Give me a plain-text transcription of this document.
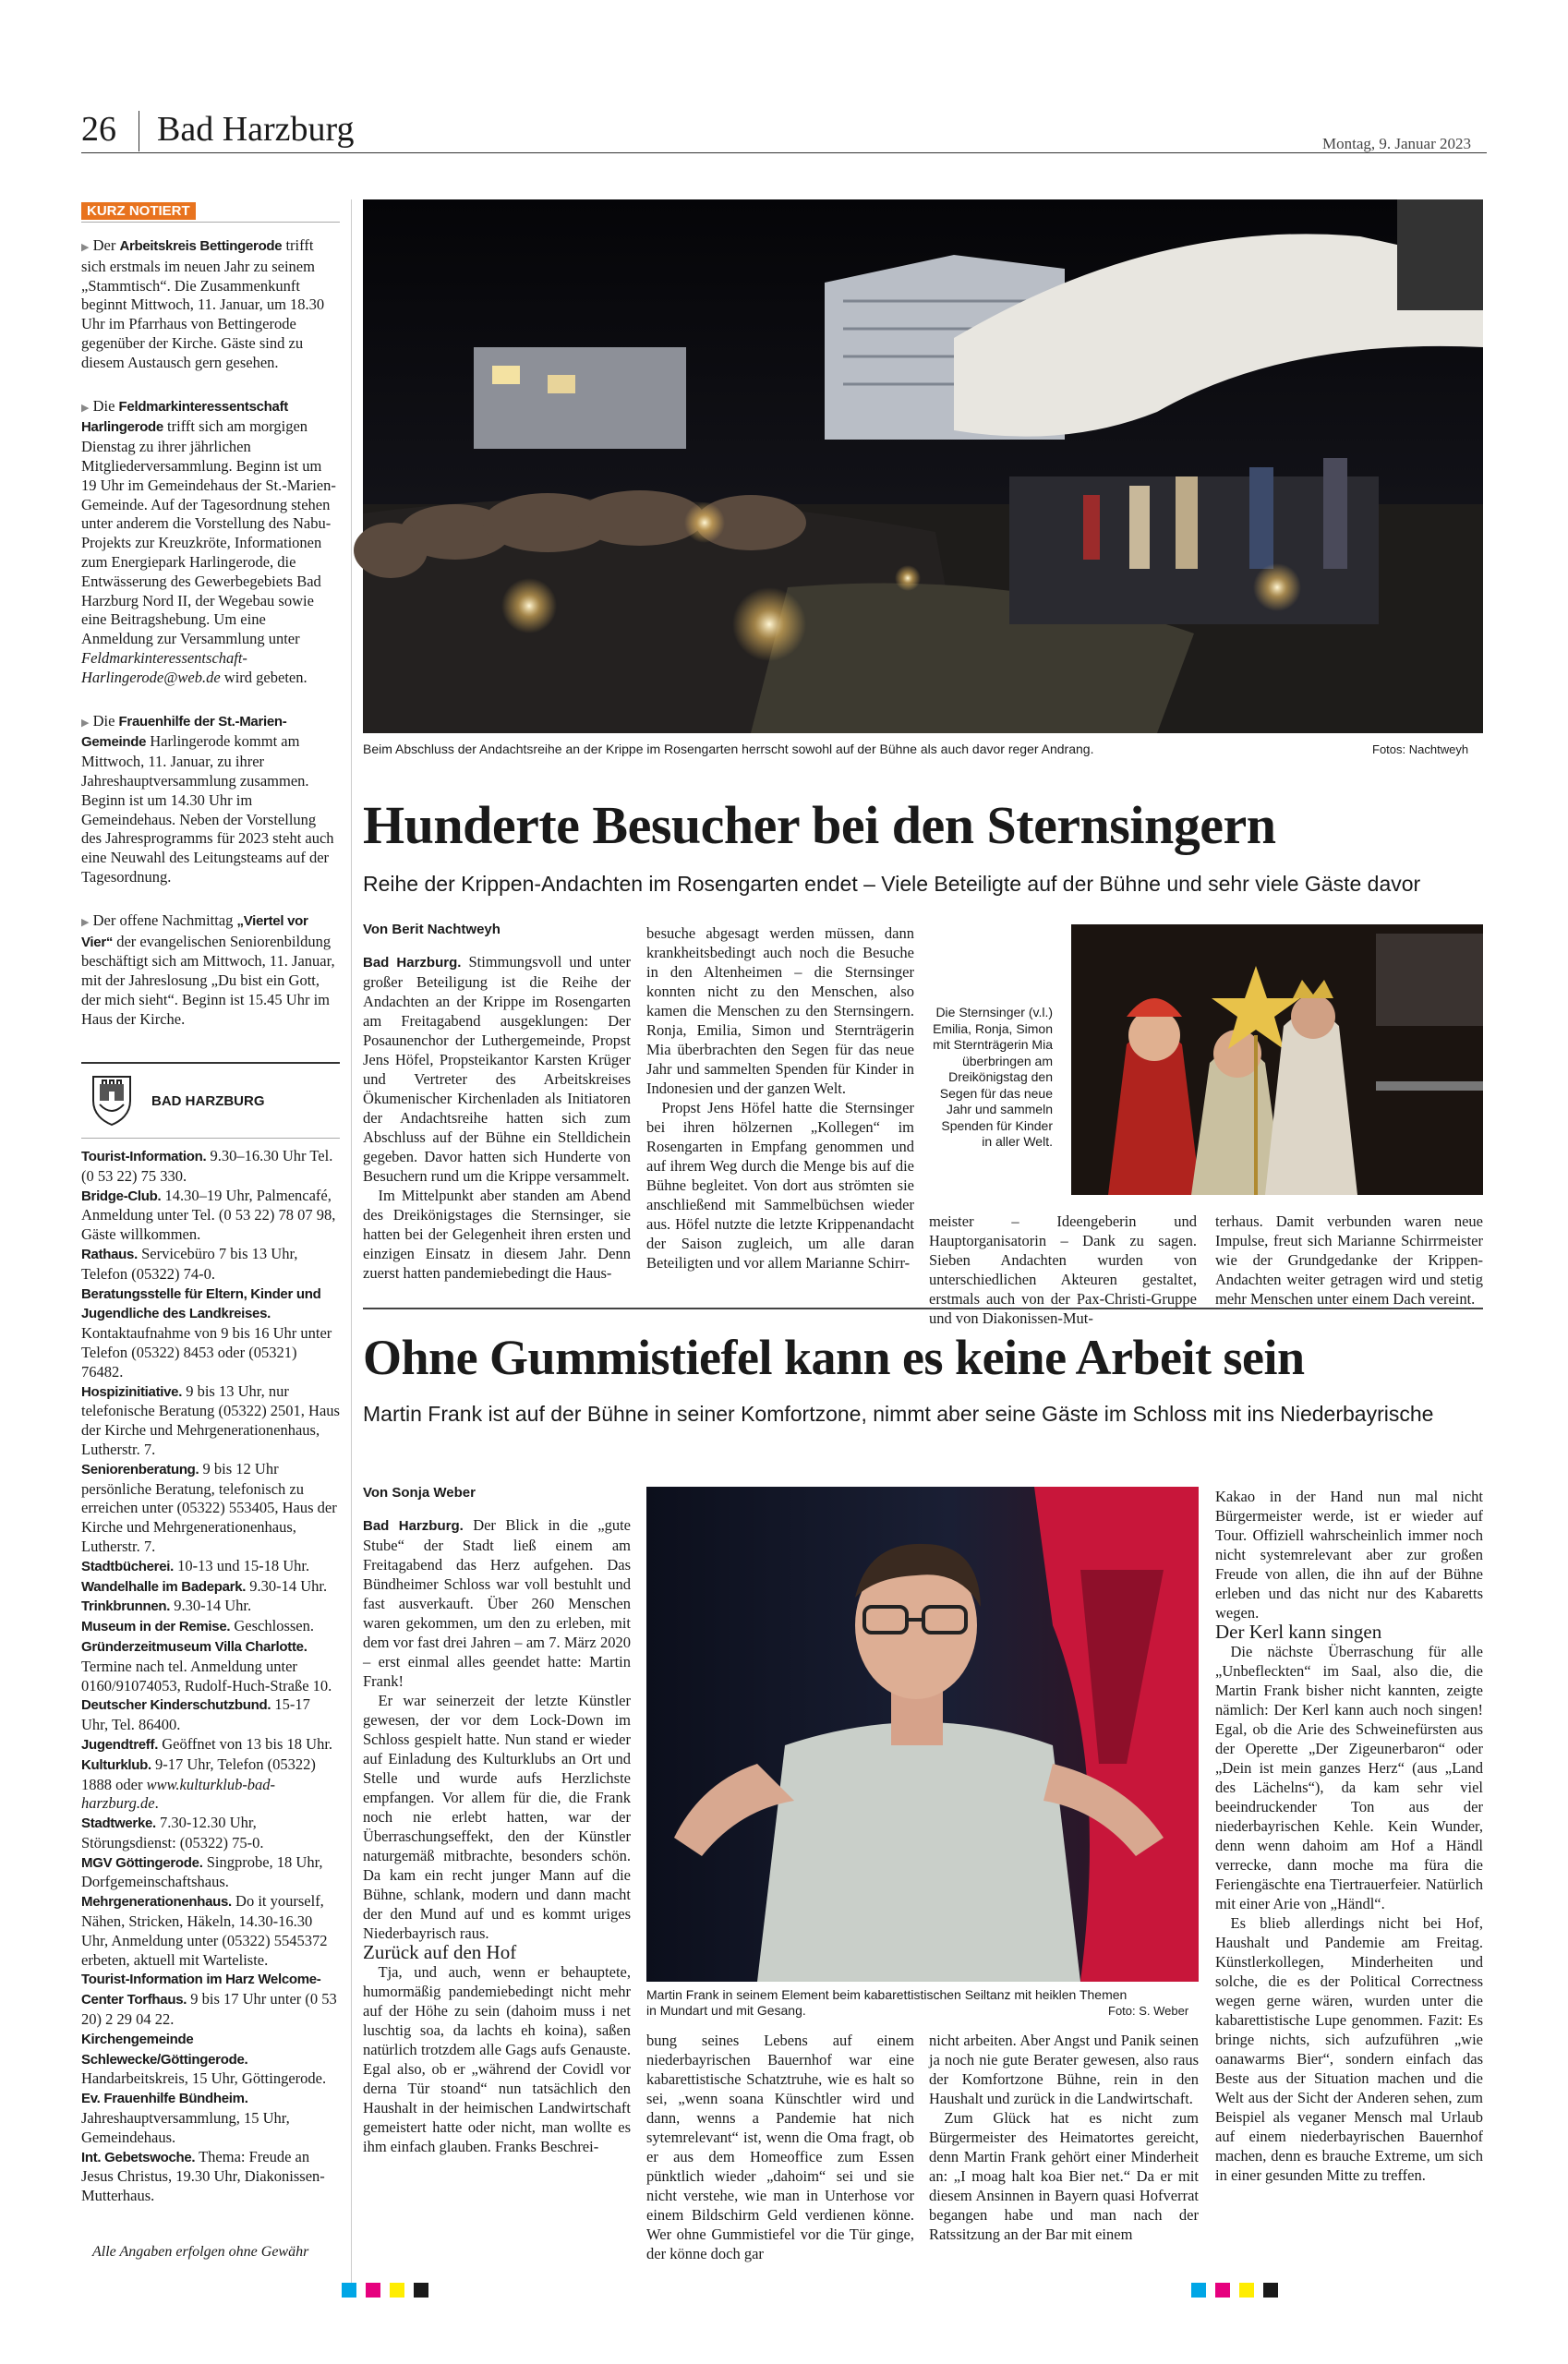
26 Bad Harzburg	Montag, 9. Januar 2023
KURZ NOTIERT
▶ Der Arbeitskreis Bettingerode trifft sich erstmals im neuen Jahr zu seinem „Stammtisch“. Die Zusammenkunft beginnt Mittwoch, 11. Januar, um 18.30 Uhr im Pfarrhaus von Bettingerode gegenüber der Kirche. Gäste sind zu diesem Austausch gern gesehen.
▶ Die Feldmarkinteressentschaft Harlingerode trifft sich am morgigen Dienstag zu ihrer jährlichen Mitgliederversammlung. Beginn ist um 19 Uhr im Gemeindehaus der St.-Marien-Gemeinde. Auf der Tagesordnung stehen unter anderem die Vorstellung des Nabu-Projekts zur Kreuzkröte, Informationen zum Energiepark Harlingerode, die Entwässerung des Gewerbegebiets Bad Harzburg Nord II, der Wegebau sowie eine Beitragshebung. Um eine Anmeldung zur Versammlung unter Feldmarkinteressentschaft-Harlingerode@web.de wird gebeten.
▶ Die Frauenhilfe der St.-Marien-Gemeinde Harlingerode kommt am Mittwoch, 11. Januar, zu ihrer Jahreshauptversammlung zusammen. Beginn ist um 14.30 Uhr im Gemeindehaus. Neben der Vorstellung des Jahresprogramms für 2023 steht auch eine Neuwahl des Leitungsteams auf der Tagesordnung.
▶ Der offene Nachmittag „Viertel vor Vier“ der evangelischen Seniorenbildung beschäftigt sich am Mittwoch, 11. Januar, mit der Jahreslosung „Du bist ein Gott, der mich sieht“. Beginn ist 15.45 Uhr im Haus der Kirche.
BAD HARZBURG
Tourist-Information. 9.30–16.30 Uhr Tel. (0 53 22) 75 330.
Bridge-Club. 14.30–19 Uhr, Palmencafé, Anmeldung unter Tel. (0 53 22) 78 07 98, Gäste willkommen.
Rathaus. Servicebüro 7 bis 13 Uhr, Telefon (05322) 74-0.
Beratungsstelle für Eltern, Kinder und Jugendliche des Landkreises. Kontaktaufnahme von 9 bis 16 Uhr unter Telefon (05322) 8453 oder (05321) 76482.
Hospizinitiative. 9 bis 13 Uhr, nur telefonische Beratung (05322) 2501, Haus der Kirche und Mehrgenerationenhaus, Lutherstr. 7.
Seniorenberatung. 9 bis 12 Uhr persönliche Beratung, telefonisch zu erreichen unter (05322) 553405, Haus der Kirche und Mehrgenerationenhaus, Lutherstr. 7.
Stadtbücherei. 10-13 und 15-18 Uhr.
Wandelhalle im Badepark. 9.30-14 Uhr.
Trinkbrunnen. 9.30-14 Uhr.
Museum in der Remise. Geschlossen.
Gründerzeitmuseum Villa Charlotte. Termine nach tel. Anmeldung unter 0160/91074053, Rudolf-Huch-Straße 10.
Deutscher Kinderschutzbund. 15-17 Uhr, Tel. 86400.
Jugendtreff. Geöffnet von 13 bis 18 Uhr.
Kulturklub. 9-17 Uhr, Telefon (05322) 1888 oder www.kulturklub-bad-harzburg.de.
Stadtwerke. 7.30-12.30 Uhr, Störungsdienst: (05322) 75-0.
MGV Göttingerode. Singprobe, 18 Uhr, Dorfgemeinschaftshaus.
Mehrgenerationenhaus. Do it yourself, Nähen, Stricken, Häkeln, 14.30-16.30 Uhr, Anmeldung unter (05322) 5545372 erbeten, aktuell mit Warteliste.
Tourist-Information im Harz Welcome-Center Torfhaus. 9 bis 17 Uhr unter (0 53 20) 2 29 04 22.
Kirchengemeinde Schlewecke/Göttingerode. Handarbeitskreis, 15 Uhr, Göttingerode.
Ev. Frauenhilfe Bündheim. Jahreshauptversammlung, 15 Uhr, Gemeindehaus.
Int. Gebetswoche. Thema: Freude an Jesus Christus, 19.30 Uhr, Diakonissen-Mutterhaus.
Alle Angaben erfolgen ohne Gewähr
Beim Abschluss der Andachtsreihe an der Krippe im Rosengarten herrscht sowohl auf der Bühne als auch davor reger Andrang.	Fotos: Nachtweyh
Hunderte Besucher bei den Sternsingern
Reihe der Krippen-Andachten im Rosengarten endet – Viele Beteiligte auf der Bühne und sehr viele Gäste davor
Von Berit Nachtweyh

Bad Harzburg. Stimmungsvoll und unter großer Beteiligung ist die Reihe der Andachten an der Krippe im Rosengarten am Freitagabend ausgeklungen: Der Posaunenchor der Luthergemeinde, Propst Jens Höfel, Propsteikantor Karsten Krüger und Vertreter des Arbeitskreises Ökumenischer Kirchenladen als Initiatoren der Andachtsreihe hatten sich zum Abschluss auf der Bühne ein Stelldichein gegeben. Davor hatten sich Hunderte von Besuchern rund um die Krippe versammelt.

Im Mittelpunkt aber standen am Abend des Dreikönigstages die Sternsinger, sie hatten bei der Gelegenheit ihren ersten und einzigen Einsatz in diesem Jahr. Denn zuerst hatten pandemiebedingt die Haus-

besuche abgesagt werden müssen, dann krankheitsbedingt auch noch die Besuche in den Altenheimen – die Sternsinger konnten nicht zu den Menschen, also kamen die Menschen zu den Sternsingern. Ronja, Emilia, Simon und Sternträgerin Mia überbrachten den Segen für das neue Jahr und sammelten Spenden für Kinder in Indonesien und der ganzen Welt.

Propst Jens Höfel hatte die Sternsinger bei ihren hölzernen „Kollegen“ im Rosengarten in Empfang genommen und auf ihrem Weg durch die Menge bis auf die Bühne begleitet. Von dort aus strömten sie anschließend mit Sammelbüchsen wieder aus. Höfel nutzte die letzte Krippenandacht der Saison zugleich, um alle daran Beteiligten und vor allem Marianne Schirr-

Die Sternsinger (v.l.) Emilia, Ronja, Simon mit Sternträgerin Mia überbringen am Dreikönigstag den Segen für das neue Jahr und sammeln Spenden für Kinder in aller Welt.

meister – Ideengeberin und Hauptorganisatorin – Dank zu sagen. Sieben Andachten wurden von unterschiedlichen Akteuren gestaltet, erstmals auch von der Pax-Christi-Gruppe und von Diakonissen-Mut-

terhaus. Damit verbunden waren neue Impulse, freut sich Marianne Schirrmeister wie der Grundgedanke der Krippen-Andachten weiter getragen wird und stetig mehr Menschen unter einem Dach vereint.

Ohne Gummistiefel kann es keine Arbeit sein
Martin Frank ist auf der Bühne in seiner Komfortzone, nimmt aber seine Gäste im Schloss mit ins Niederbayrische
Von Sonja Weber

Bad Harzburg. Der Blick in die „gute Stube“ der Stadt ließ einem am Freitagabend das Herz aufgehen. Das Bündheimer Schloss war voll bestuhlt und fast ausverkauft. Über 260 Menschen waren gekommen, um den zu erleben, mit dem vor fast drei Jahren – am 7. März 2020 – erst einmal alles geendet hatte: Martin Frank!

Er war seinerzeit der letzte Künstler gewesen, der vor dem Lock-Down im Schloss gespielt hatte. Nun stand er wieder auf Einladung des Kulturklubs an Ort und Stelle und wurde aufs Herzlichste empfangen. Vor allem für die, die Frank noch nie erlebt hatten, war der Überraschungseffekt, den der Künstler naturgemäß mitbrachte, besonders schön. Da kam ein recht junger Mann auf die Bühne, schlank, modern und dann macht der den Mund auf und es kommt uriges Niederbayrisch raus.

Zurück auf den Hof

Tja, und auch, wenn er behauptete, humormäßig pandemiebedingt nicht mehr auf der Höhe zu sein (dahoim muss i net luschtig soa, da lachts eh koina), saßen natürlich trotzdem alle Gags aufs Genauste. Egal also, ob er „während der Covidl vor derna Tür stoand“ nun tatsächlich den Haushalt in der heimischen Landwirtschaft gemeistert hatte oder nicht, man wollte es ihm einfach glauben. Franks Beschrei-

Martin Frank in seinem Element beim kabarettistischen Seiltanz mit heiklen Themen in Mundart und mit Gesang.	Foto: S. Weber

bung seines Lebens auf einem niederbayrischen Bauernhof war eine kabarettistische Schatztruhe, wie es halt so sei, „wenn soana Künschtler wird und dann, wenns a Pandemie hat nich sytemrelevant“ ist, wenn die Oma fragt, ob er aus dem Homeoffice zum Essen pünktlich wieder „dahoim“ sei und sie nicht verstehe, wie man in Unterhose vor einem Bildschirm Geld verdienen könne. Wer ohne Gummistiefel vor die Tür ginge, der könne doch gar

nicht arbeiten. Aber Angst und Panik seinen ja noch nie gute Berater gewesen, also raus der Komfortzone Bühne, rein in den Haushalt und zurück in die Landwirtschaft.

Zum Glück hat es nicht zum Bürgermeister des Heimatortes gereicht, denn Martin Frank gehört einer Minderheit an: „I moag halt koa Bier net.“ Da er mit diesem Ansinnen in Bayern quasi Hofverrat begangen habe und man nach der Ratssitzung an der Bar mit einem

Kakao in der Hand nun mal nicht Bürgermeister werde, ist er wieder auf Tour. Offiziell wahrscheinlich immer noch nicht systemrelevant aber zur großen Freude von allen, die ihn auf der Bühne erleben und das nicht nur des Kabaretts wegen.

Der Kerl kann singen

Die nächste Überraschung für alle „Unbefleckten“ im Saal, also die, die Martin Frank bisher nicht kannten, zeigte nämlich: Der Kerl kann auch noch singen! Egal, ob die Arie des Schweinefürsten aus der Operette „Der Zigeunerbaron“ oder „Dein ist mein ganzes Herz“ (aus „Land des Lächelns“), da kam sehr viel beeindruckender Ton aus der niederbayrischen Kehle. Kein Wunder, denn wenn dahoim am Hof a Händl verrecke, dann moche ma füra die Feriengäschte ena Tiertrauerfeier. Natürlich mit einer Arie von „Händl“.

Es blieb allerdings nicht bei Hof, Haushalt und Pandemie am Freitag. Künstlerkollegen, Minderheiten und solche, die es der Political Correctness wegen gerne wären, wurden unter die kabarettistische Lupe genommen. Fazit: Es bringe nichts, sich aufzuführen „wie oanawarms Bier“, sondern einfach das Beste aus der Situation machen und die Welt aus der Sicht der Anderen sehen, zum Beispiel als veganer Mensch mal Urlaub auf einem niederbayrischen Bauernhof machen, denn es brauche Extreme, um sich in einer gesunden Mitte zu treffen.
